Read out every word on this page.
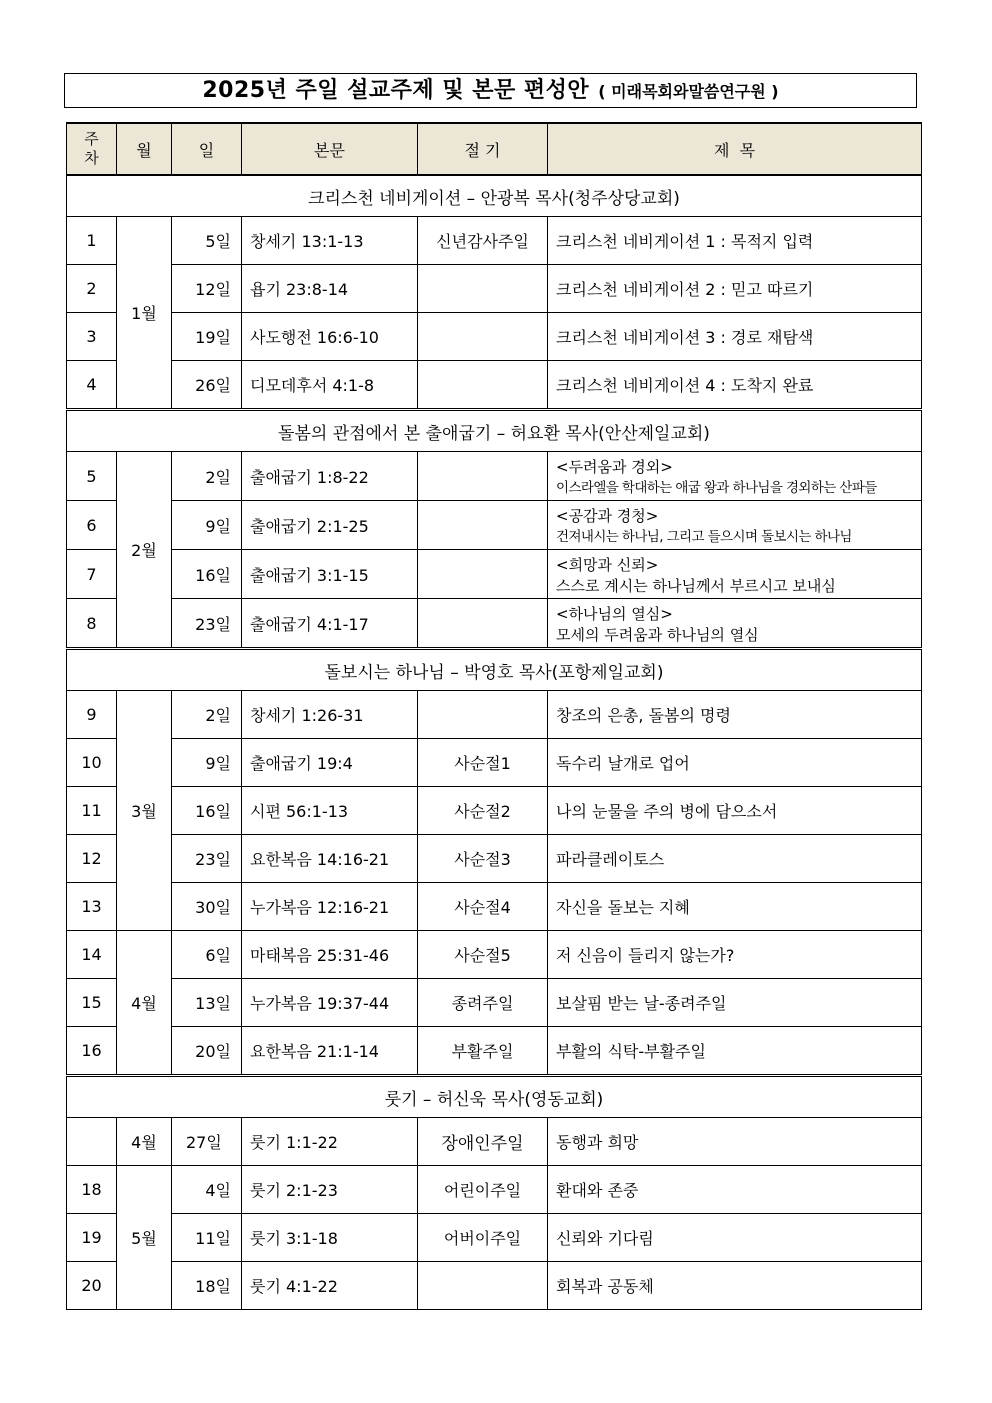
2025년 주일 설교주제 및 본문 편성안 ( 미래목회와말씀연구원 )
주
차	월	일	본문	절 기	제  목
크리스천 네비게이션 – 안광복 목사(청주상당교회)					
1	1월	5일	창세기 13:1-13	신년감사주일	크리스천 네비게이션 1 : 목적지 입력
2		12일	욥기 23:8-14		크리스천 네비게이션 2 : 믿고 따르기
3		19일	사도행전 16:6-10		크리스천 네비게이션 3 : 경로 재탐색
4		26일	디모데후서 4:1-8		크리스천 네비게이션 4 : 도착지 완료
돌봄의 관점에서 본 출애굽기 – 허요환 목사(안산제일교회)					
5	2월	2일	출애굽기 1:8-22		<두려움과 경외>
이스라엘을 학대하는 애굽 왕과 하나님을 경외하는 산파들

6		9일	출애굽기 2:1-25		<공감과 경청>
건져내시는 하나님, 그리고 들으시며 돌보시는 하나님

7		16일	출애굽기 3:1-15		<희망과 신뢰>
스스로 계시는 하나님께서 부르시고 보내심

8		23일	출애굽기 4:1-17		<하나님의 열심>
모세의 두려움과 하나님의 열심

돌보시는 하나님 – 박영호 목사(포항제일교회)					
9	3월	2일	창세기 1:26-31		창조의 은총, 돌봄의 명령
10		9일	출애굽기 19:4	사순절1	독수리 날개로 업어
11		16일	시편 56:1-13	사순절2	나의 눈물을 주의 병에 담으소서
12		23일	요한복음 14:16-21	사순절3	파라클레이토스
13		30일	누가복음 12:16-21	사순절4	자신을 돌보는 지혜
14	4월	6일	마태복음 25:31-46	사순절5	저 신음이 들리지 않는가?
15		13일	누가복음 19:37-44	종려주일	보살핌 받는 날-종려주일
16		20일	요한복음 21:1-14	부활주일	부활의 식탁-부활주일
룻기 – 허신욱 목사(영동교회)					
	4월	27일	룻기 1:1-22	장애인주일	동행과 희망
18	5월	4일	룻기 2:1-23	어린이주일	환대와 존중
19		11일	룻기 3:1-18	어버이주일	신뢰와 기다림
20		18일	룻기 4:1-22		회복과 공동체
